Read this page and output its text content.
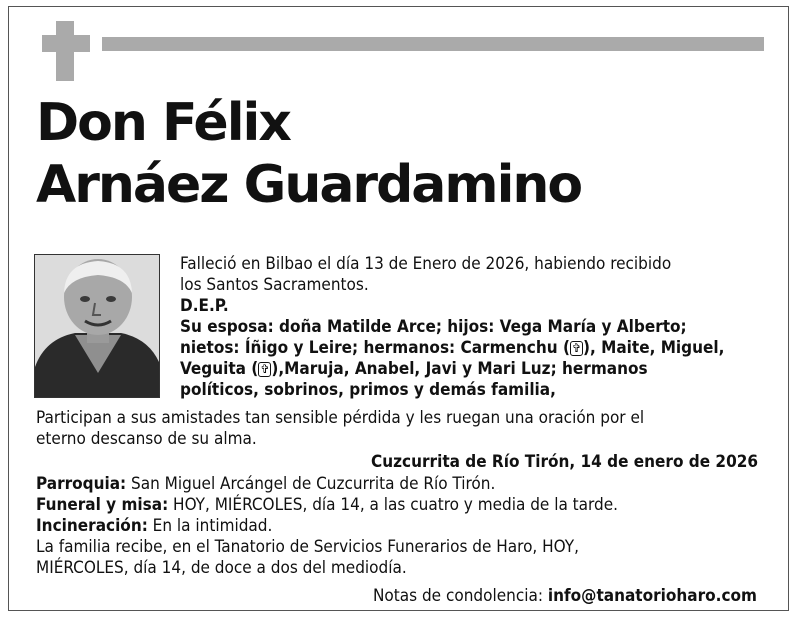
Don Félix
Arnáez Guardamino
Falleció en Bilbao el día 13 de Enero de 2026, habiendo recibido
los Santos Sacramentos.
D.E.P.
Su esposa: doña Matilde Arce; hijos: Vega María y Alberto;
nietos: Íñigo y Leire; hermanos: Carmenchu ( ✞ ), Maite, Miguel,
Veguita ( ✞ ),Maruja, Anabel, Javi y Mari Luz; hermanos
políticos, sobrinos, primos y demás familia,
Participan a sus amistades tan sensible pérdida y les ruegan una oración por el
eterno descanso de su alma.
Cuzcurrita de Río Tirón, 14 de enero de 2026
Parroquia: San Miguel Arcángel de Cuzcurrita de Río Tirón.
Funeral y misa: HOY, MIÉRCOLES, día 14, a las cuatro y media de la tarde.
Incineración: En la intimidad.
La familia recibe, en el Tanatorio de Servicios Funerarios de Haro, HOY,
MIÉRCOLES, día 14, de doce a dos del mediodía.
Notas de condolencia: info@tanatorioharo.com
